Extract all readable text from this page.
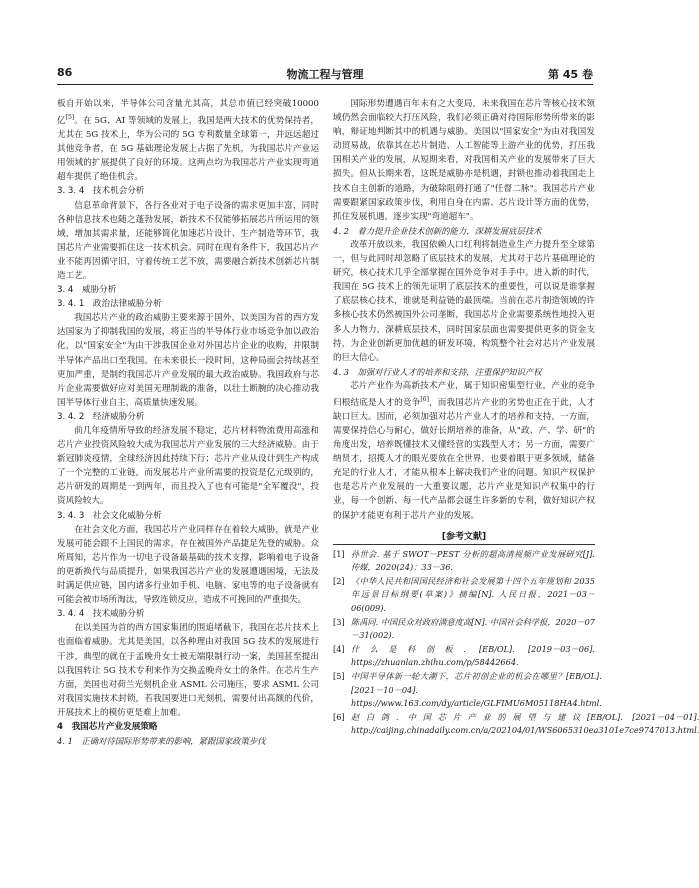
86	物流工程与管理	第 45 卷

板自开始以来，半导体公司含量尤其高，其总市值已经突破10000 亿[5]。在 5G、AI 等领域的发展上，我国是两大技术的优势保持者，尤其在 5G 技术上，华为公司的 5G 专利数量全球第一，并远远超过其他竞争者，在 5G 基础理论发展上占据了先机，为我国芯片产业运用领域的扩展提供了良好的环境。这两点均为我国芯片产业实现弯道超车提供了绝佳机会。

3. 3. 4　技术机会分析

信息革命背景下，各行各业对于电子设备的需求更加丰富，同时各种信息技术也随之蓬勃发展，新技术不仅能够拓展芯片所运用的领域，增加其需求量，还能够简化加速芯片设计、生产制造等环节，我国芯片产业需要抓住这一技术机会。同时在现有条件下，我国芯片产业不能再因循守旧，守着传统工艺不放，需要融合新技术创新芯片制造工艺。

3. 4　威胁分析
3. 4. 1　政治法律威胁分析

我国芯片产业的政治威胁主要来源于国外，以美国为首的西方发达国家为了抑制我国的发展，将正当的半导体行业市场竞争加以政治化，以"国家安全"为由干涉我国企业对外国芯片企业的收购，并限制半导体产品出口至我国。在未来很长一段时间，这种局面会持续甚至更加严重，是制约我国芯片产业发展的最大政治威胁。我国政府与芯片企业需要做好应对美国无理制裁的准备，以壮士断腕的决心推动我国半导体行业自主，高质量快速发展。

3. 4. 2　经济威胁分析

前几年疫情所导致的经济发展不稳定，芯片材料物流费用高涨和芯片产业投资风险较大成为我国芯片产业发展的三大经济威胁。由于新冠肺炎疫情，全球经济因此持续下行；芯片产业从设计到生产构成了一个完整的工业链，而发展芯片产业所需要的投资是亿元级别的，芯片研发的周期是一到两年，而且投入了也有可能是"全军覆没"，投资风险较大。

3. 4. 3　社会文化威胁分析

在社会文化方面，我国芯片产业同样存在着较大威胁，就是产业发展可能会跟不上国民的需求，存在被国外产品捷足先登的威胁。众所周知，芯片作为一切电子设备最基础的技术支撑，影响着电子设备的更新换代与品质提升，如果我国芯片产业的发展遭遇困境，无法及时满足供应链，国内诸多行业如手机、电脑、家电等的电子设备就有可能会被市场所淘汰，导致连锁反应，造成不可挽回的严重损失。

3. 4. 4　技术威胁分析

在以美国为首的西方国家集团的围追堵截下，我国在芯片技术上也面临着威胁。尤其是美国，以各种理由对我国 5G 技术的发展进行干涉，典型的就在于孟晚舟女士被无端限制行动一案，美国甚至提出以我国转让 5G 技术专利来作为交换孟晚舟女士的条件。在芯片生产方面，美国也对荷兰光刻机企业 ASML 公司施压，要求 ASML 公司对我国实施技术封锁，若我国要进口光刻机，需要付出高额的代价，开展技术上的模仿更是难上加难。

4　我国芯片产业发展策略
4. 1　正确对待国际形势带来的影响，紧跟国家政策步伐

国际形势遭遇百年未有之大变局，未来我国在芯片等核心技术领域仍然会面临较大打压风险，我们必须正确对待国际形势所带来的影响，辩证地判断其中的机遇与威胁。美国以"国家安全"为由对我国发动贸易战，依靠其在芯片制造、人工智能等上游产业的优势，打压我国相关产业的发展，从短期来看，对我国相关产业的发展带来了巨大损失。但从长期来看，这既是威胁亦是机遇，封锁也推动着我国走上技术自主创新的道路，为破除阻碍打通了"任督二脉"。我国芯片产业需要跟紧国家政策步伐，利用自身在内需、芯片设计等方面的优势，抓住发展机遇，逐步实现"弯道超车"。

4. 2　着力提升企业技术创新的能力，深耕发展底层技术

改革开放以来，我国依赖人口红利将制造业生产力提升至全球第一，但与此同时却忽略了底层技术的发展，尤其对于芯片基础理论的研究，核心技术几乎全部掌握在国外竞争对手手中。进入新的时代，我国在 5G 技术上的领先证明了底层技术的重要性，可以说是谁掌握了底层核心技术，谁就是利益链的最顶端。当前在芯片制造领域的许多核心技术仍然被国外公司垄断，我国芯片企业需要系统性地投入更多人力物力，深耕底层技术，同时国家层面也需要提供更多的资金支持，为企业创新更加优越的研发环境，构筑整个社会对芯片产业发展的巨大信心。

4. 3　加强对行业人才的培养和支持，注重保护知识产权

芯片产业作为高新技术产业，属于知识密集型行业，产业的竞争归根结底是人才的竞争[6]，而我国芯片产业的劣势也正在于此，人才缺口巨大。因而，必须加强对芯片产业人才的培养和支持，一方面，需要保持信心与耐心，做好长期培养的准备，从"政、产、学、研"的角度出发，培养既懂技术又懂经营的实践型人才；另一方面，需要广纳贤才，招揽人才的眼光要放在全世界，也要着眼于更多领域，储备充足的行业人才，才能从根本上解决我们产业的问题。知识产权保护也是芯片产业发展的一大重要议题，芯片产业是知识产权集中的行业，每一个创新、每一代产品都会诞生许多新的专利，做好知识产权的保护才能更有利于芯片产业的发展。

[参考文献]
[1] 孙世会. 基于 SWOT－PEST 分析的超高清视频产业发展研究[J]. 传媒，2020(24)：33－36.
[2] 《中华人民共和国国民经济和社会发展第十四个五年规划和 2035 年远景目标纲要(草案)》摘编[N]. 人民日报，2021－03－06(009).
[3] 陈禹同. 中国民众对政府满意度高[N]. 中国社会科学报，2020－07－31(002).
[4] 什么是科创板. [EB/OL]. [2019－03－06]. https://zhuanlan.zhihu.com/p/58442664.
[5] 中国半导体新一轮大潮下，芯片初创企业的机会在哪里？[EB/OL]. [2021－10－04]. https://www.163.com/dy/article/GLFIMU6M05118HA4.html.
[6] 赵白鸽. 中国芯片产业的展望与建议[EB/OL]. [2021－04－01]. http://caijing.chinadaily.com.cn/a/202104/01/WS6065310ea3101e7ce9747013.html.
